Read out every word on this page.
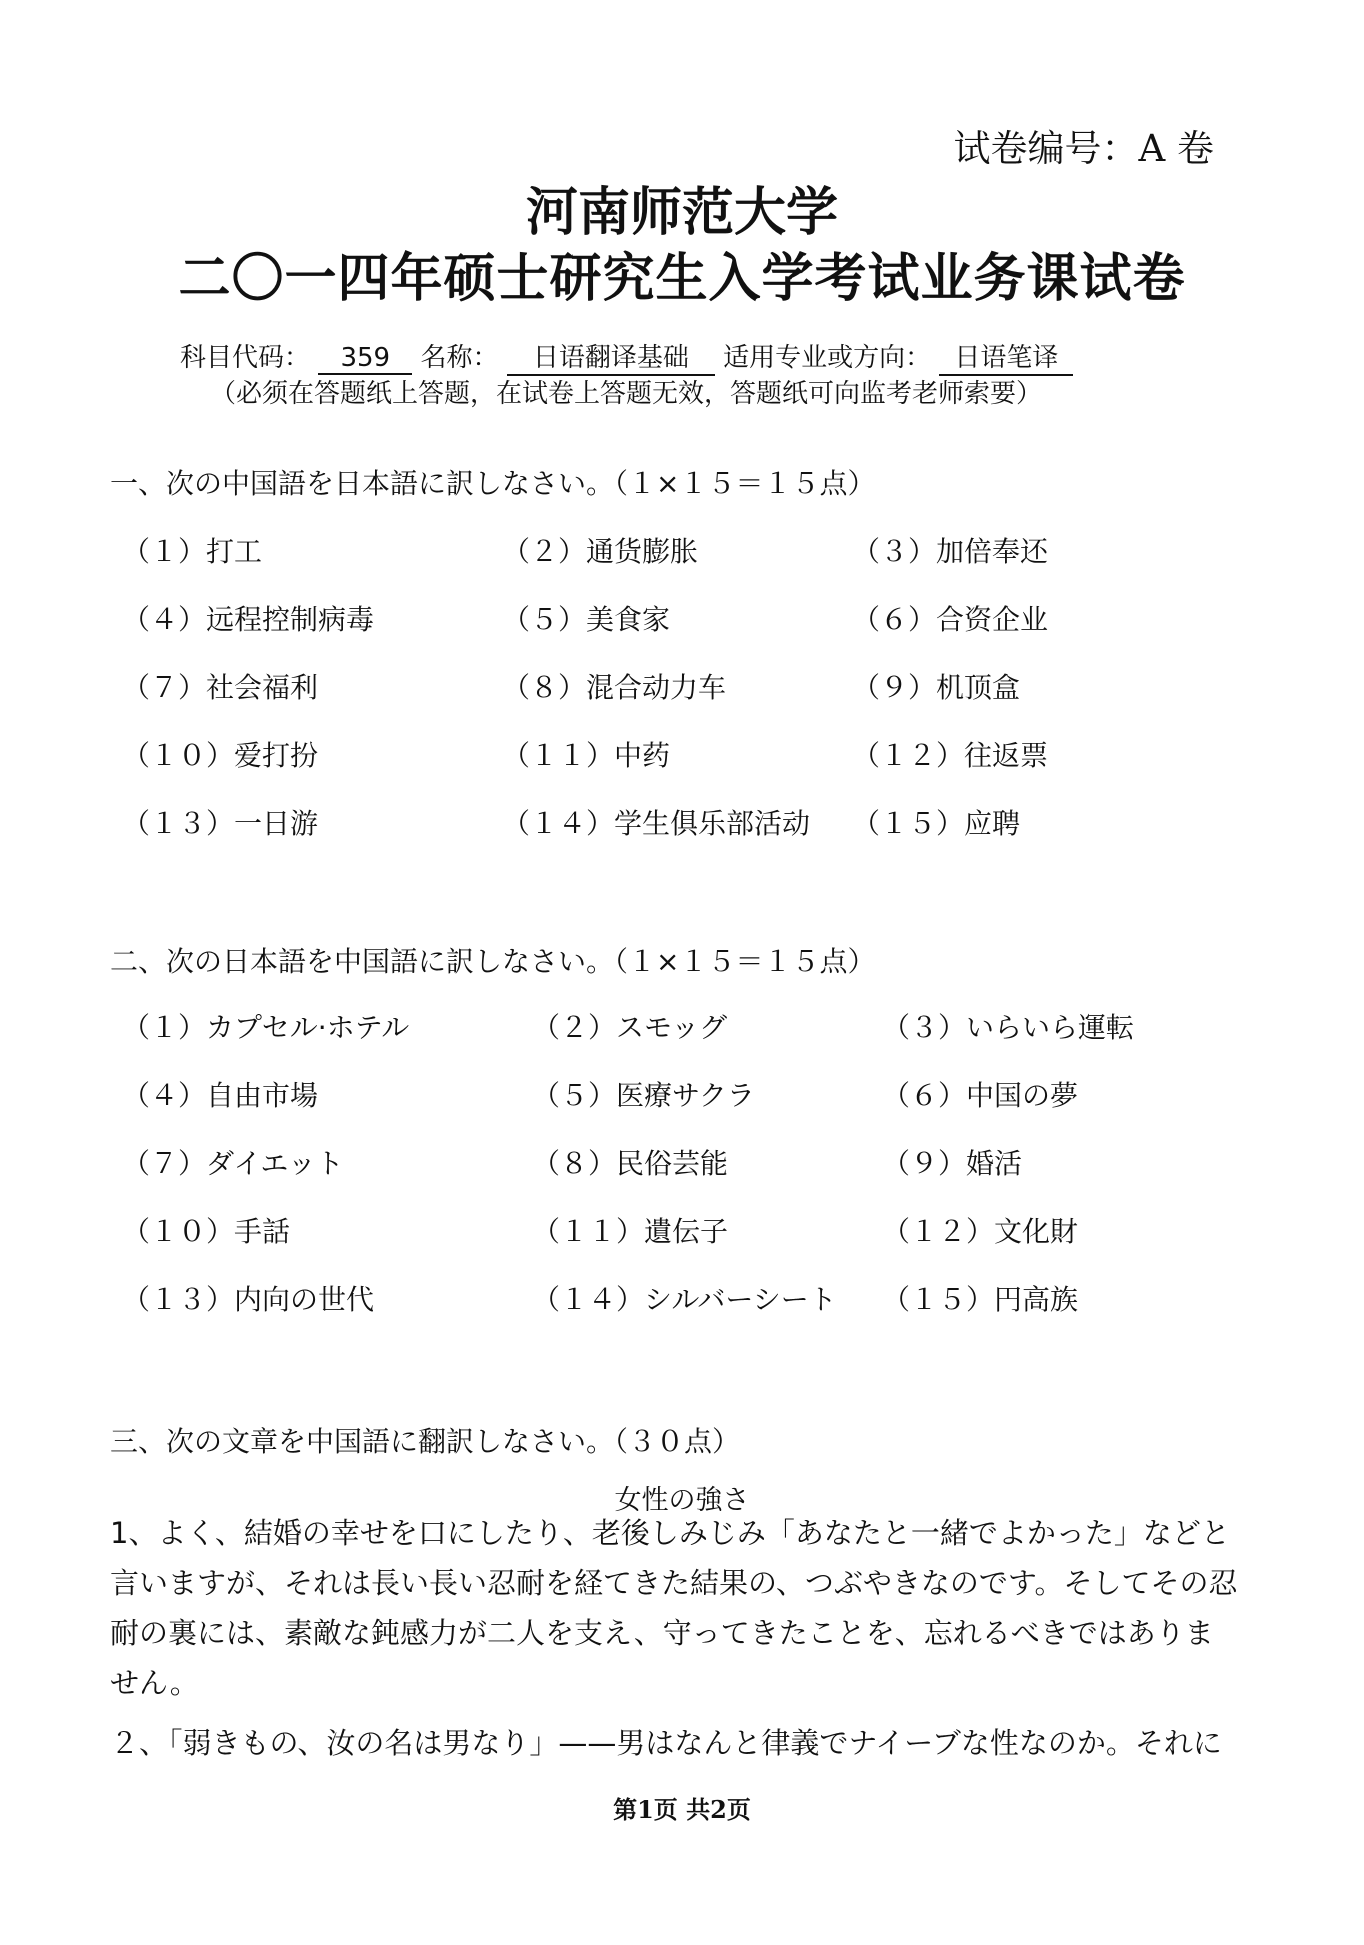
试卷编号：A 卷
河南师范大学
二〇一四年硕士研究生入学考试业务课试卷
科目代码： 359 名称： 日语翻译基础 适用专业或方向： 日语笔译
（必须在答题纸上答题，在试卷上答题无效，答题纸可向监考老师索要）
一、次の中国語を日本語に訳しなさい。（１×１５＝１５点）
（１）打工	（２）通货膨胀	（３）加倍奉还
（４）远程控制病毒	（５）美食家	（６）合资企业
（７）社会福利	（８）混合动力车	（９）机顶盒
（１０）爱打扮	（１１）中药	（１２）往返票
（１３）一日游	（１４）学生俱乐部活动 （１５）应聘
二、次の日本語を中国語に訳しなさい。（１×１５＝１５点）
（１）カプセル·ホテル	（２）スモッグ	（３）いらいら運転
（４）自由市場	（５）医療サクラ	（６）中国の夢
（７）ダイエット	（８）民俗芸能	（９）婚活
（１０）手話	（１１）遺伝子	（１２）文化財
（１３）内向の世代	（１４）シルバーシート （１５）円高族
三、次の文章を中国語に翻訳しなさい。（３０点）
女性の強さ
1、よく、結婚の幸せを口にしたり、老後しみじみ「あなたと一緒でよかった」などと言いますが、それは長い長い忍耐を経てきた結果の、つぶやきなのです。そしてその忍耐の裏には、素敵な鈍感力が二人を支え、守ってきたことを、忘れるべきではありません。
２、「弱きもの、汝の名は男なり」——男はなんと律義でナイーブな性なのか。それに
第1页 共2页
